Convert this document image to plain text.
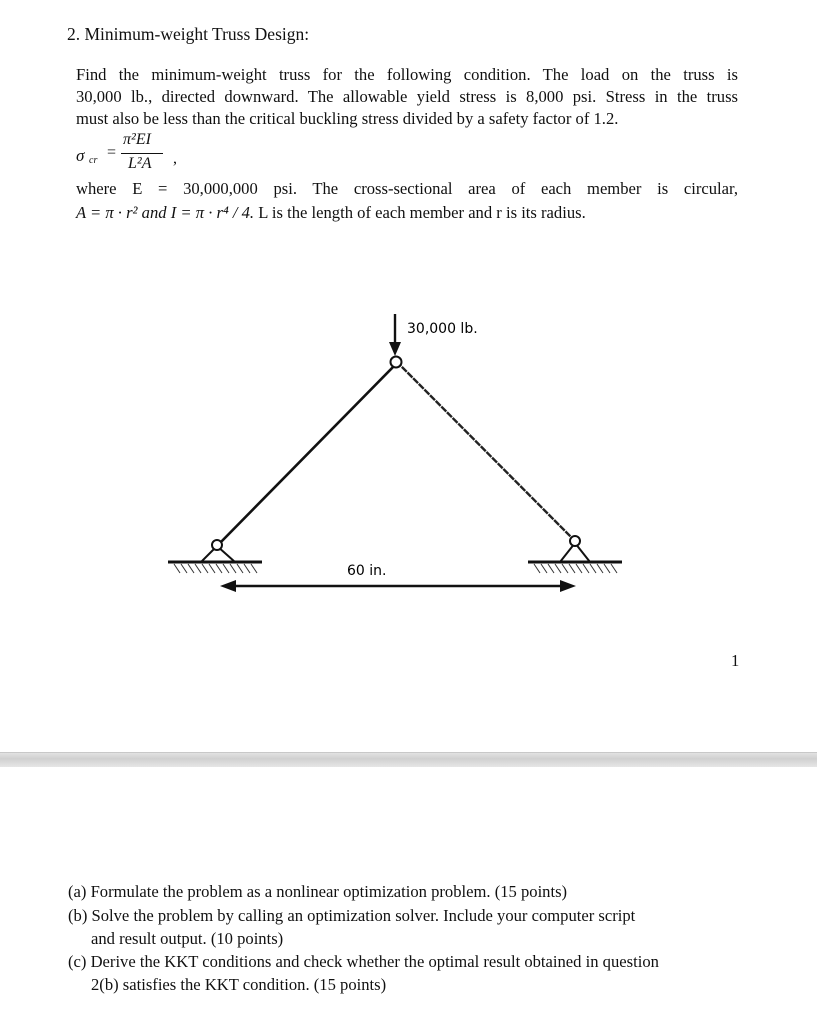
2. Minimum-weight Truss Design:
Find the minimum-weight truss for the following condition. The load on the truss is
30,000 lb., directed downward. The allowable yield stress is 8,000 psi. Stress in the truss
must also be less than the critical buckling stress divided by a safety factor of 1.2.
σ cr =
π²EI
L²A ,
where E = 30,000,000 psi. The cross-sectional area of each member is circular,
A = π · r² and I = π · r⁴ / 4. L is the length of each member and r is its radius.
30,000 lb.
60 in.
1
(a) Formulate the problem as a nonlinear optimization problem. (15 points)
(b) Solve the problem by calling an optimization solver. Include your computer script
and result output. (10 points)
(c) Derive the KKT conditions and check whether the optimal result obtained in question
2(b) satisfies the KKT condition. (15 points)
